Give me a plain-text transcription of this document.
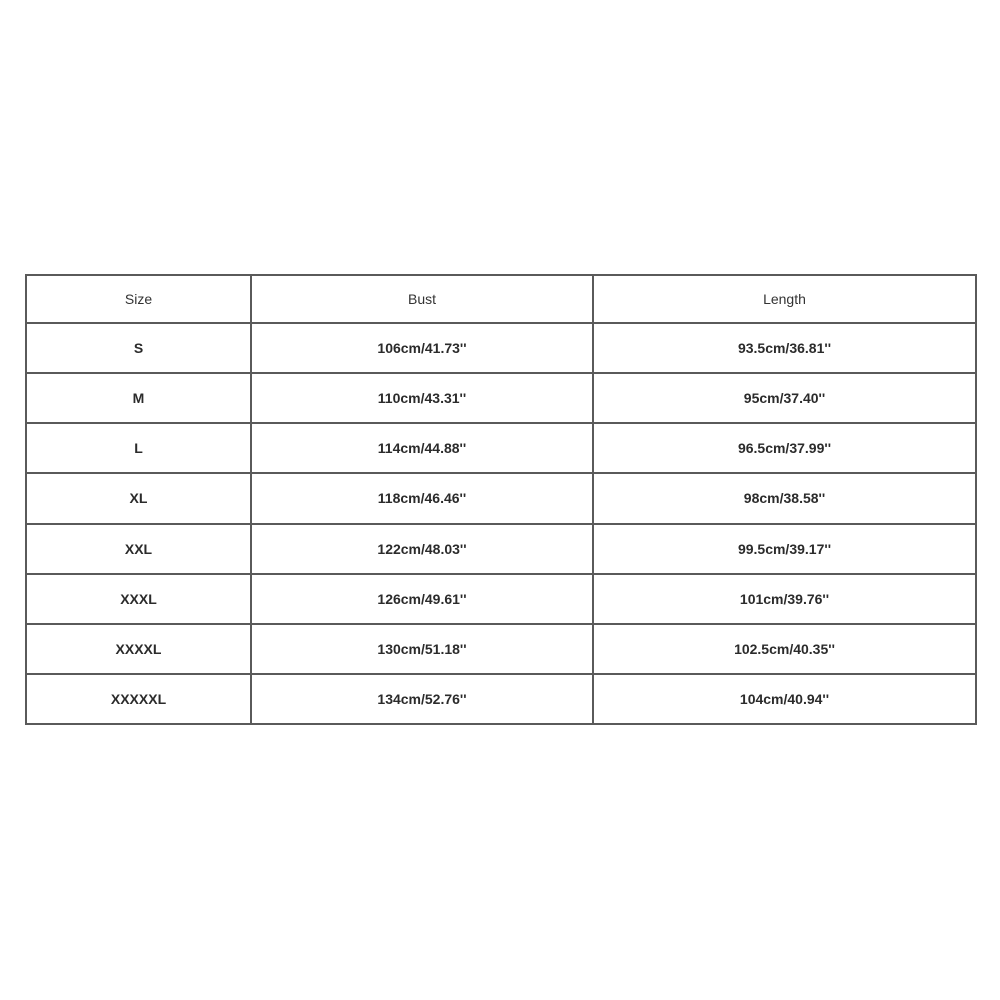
Size	Bust	Length
S	106cm/41.73''	93.5cm/36.81''
M	110cm/43.31''	95cm/37.40''
L	114cm/44.88''	96.5cm/37.99''
XL	118cm/46.46''	98cm/38.58''
XXL	122cm/48.03''	99.5cm/39.17''
XXXL	126cm/49.61''	101cm/39.76''
XXXXL	130cm/51.18''	102.5cm/40.35''
XXXXXL	134cm/52.76''	104cm/40.94''
